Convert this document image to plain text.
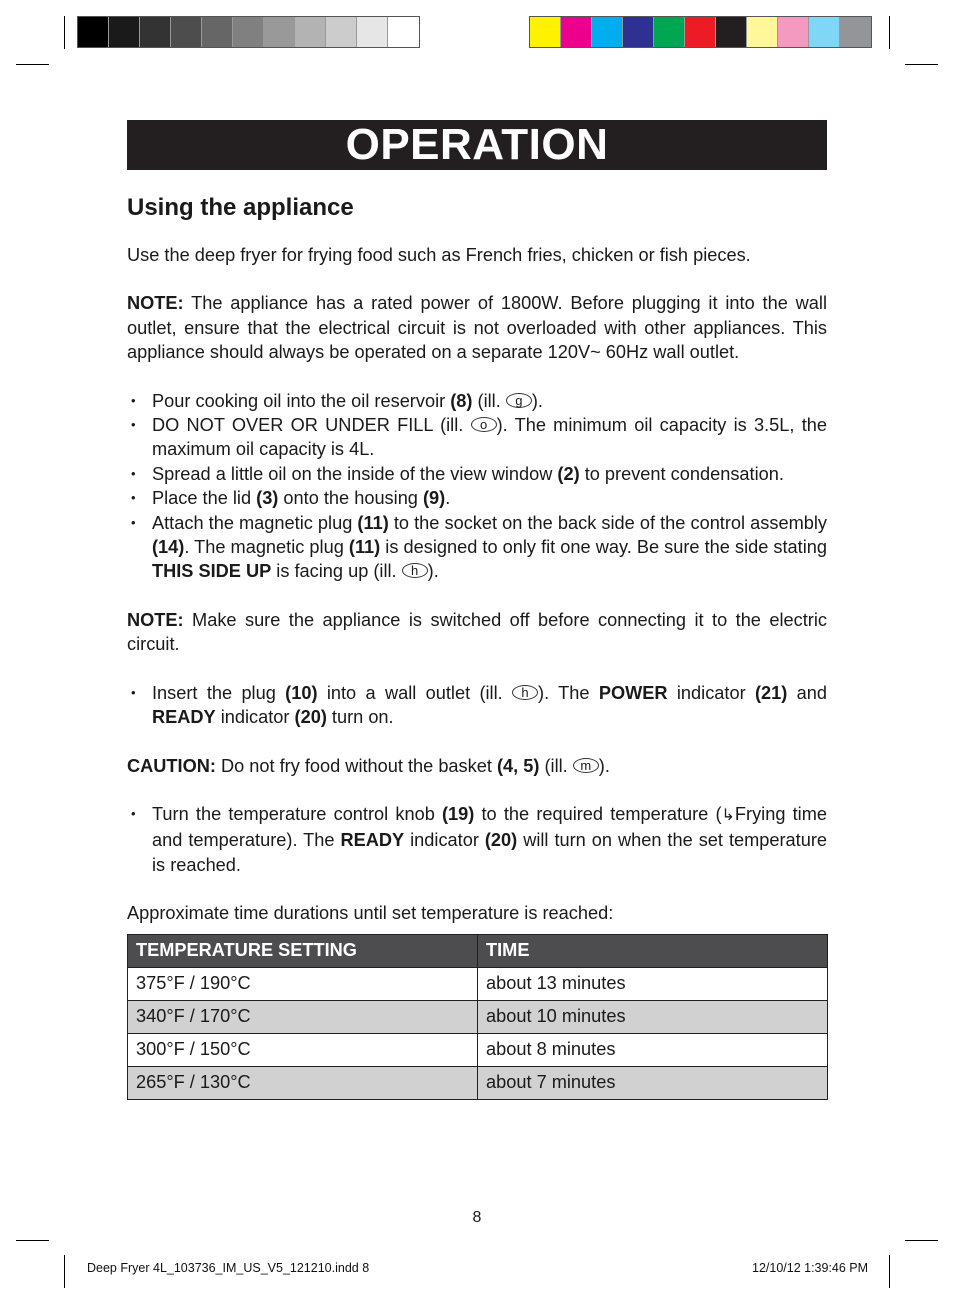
OPERATION
Using the appliance

Use the deep fryer for frying food such as French fries, chicken or fish pieces.

NOTE: The appliance has a rated power of 1800W. Before plugging it into the wall outlet, ensure that the electrical circuit is not overloaded with other appliances. This appliance should always be operated on a separate 120V~ 60Hz wall outlet.

• Pour cooking oil into the oil reservoir (8) (ill. g ).
• DO NOT OVER OR UNDER FILL (ill. o ). The minimum oil capacity is 3.5L, the maximum oil capacity is 4L.
• Spread a little oil on the inside of the view window (2) to prevent condensation.
• Place the lid (3) onto the housing (9).
• Attach the magnetic plug (11) to the socket on the back side of the control assembly (14). The magnetic plug (11) is designed to only fit one way. Be sure the side stating THIS SIDE UP is facing up (ill. h ).

NOTE: Make sure the appliance is switched off before connecting it to the electric circuit.

• Insert the plug (10) into a wall outlet (ill. h ). The POWER indicator (21) and READY indicator (20) turn on.

CAUTION: Do not fry food without the basket (4, 5) (ill. m ).

• Turn the temperature control knob (19) to the required temperature (↳Frying time and temperature). The READY indicator (20) will turn on when the set temperature is reached.

Approximate time durations until set temperature is reached:

TEMPERATURE SETTING	TIME
375°F / 190°C	about 13 minutes
340°F / 170°C	about 10 minutes
300°F / 150°C	about 8 minutes
265°F / 130°C	about 7 minutes
8
Deep Fryer 4L_103736_IM_US_V5_121210.indd 8	12/10/12 1:39:46 PM
